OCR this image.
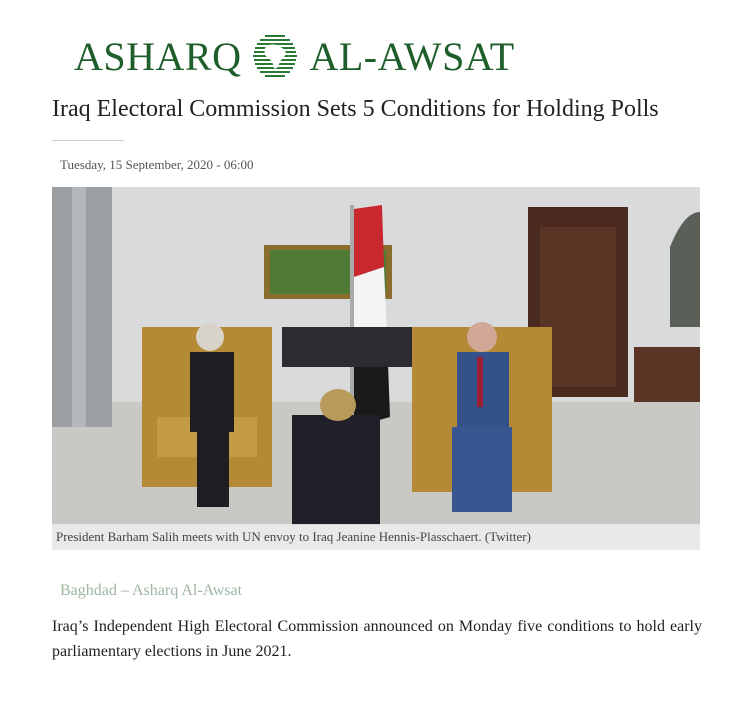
ASHARQ AL-AWSAT
Iraq Electoral Commission Sets 5 Conditions for Holding Polls
Tuesday, 15 September, 2020 - 06:00
President Barham Salih meets with UN envoy to Iraq Jeanine Hennis-Plasschaert. (Twitter)
Baghdad – Asharq Al-Awsat

Iraq’s Independent High Electoral Commission announced on Monday five conditions to hold early parliamentary elections in June 2021.
